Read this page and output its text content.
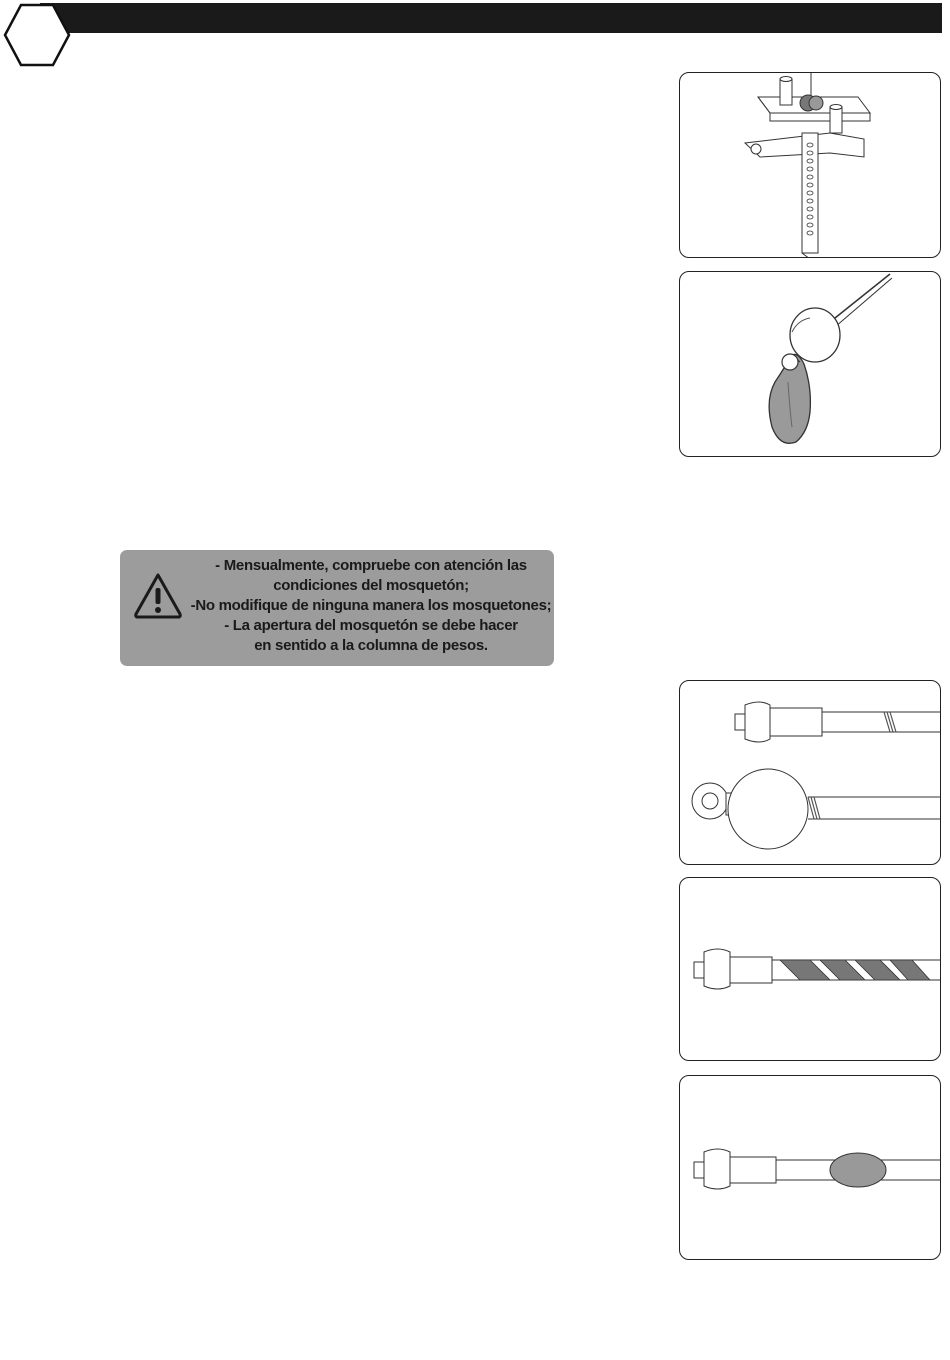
- Mensualmente, compruebe con atención las
condiciones del mosquetón;
-No modifique de ninguna manera los mosquetones;
- La apertura del mosquetón se debe hacer
en sentido a la columna de pesos.
